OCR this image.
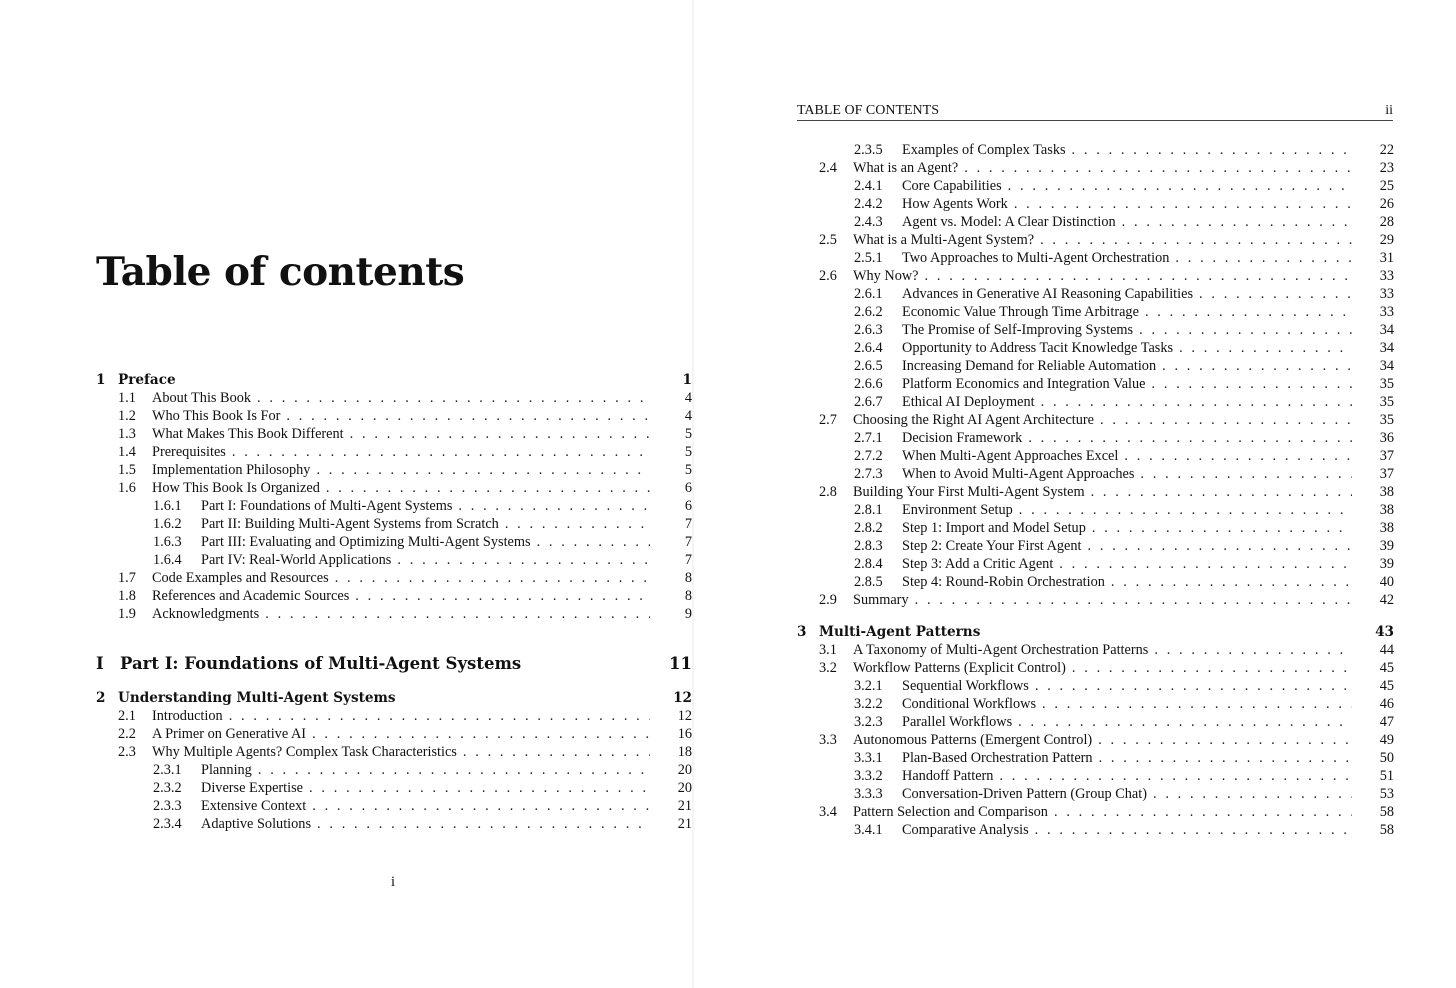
Table of contents
1 Preface	1
1.1	About This Book . . .	4
1.2	Who This Book Is For . . .	4
1.3	What Makes This Book Different . . .	5
1.4	Prerequisites . . .	5
1.5	Implementation Philosophy . . .	5
1.6	How This Book Is Organized . . .	6
1.6.1	Part I: Foundations of Multi-Agent Systems . . .	6
1.6.2	Part II: Building Multi-Agent Systems from Scratch . . .	7
1.6.3	Part III: Evaluating and Optimizing Multi-Agent Systems . . .	7
1.6.4	Part IV: Real-World Applications . . .	7
1.7	Code Examples and Resources . . .	8
1.8	References and Academic Sources . . .	8
1.9	Acknowledgments . . .	9
I Part I: Foundations of Multi-Agent Systems	11
2 Understanding Multi-Agent Systems	12
2.1	Introduction . . .	12
2.2	A Primer on Generative AI . . .	16
2.3	Why Multiple Agents? Complex Task Characteristics . . .	18
2.3.1	Planning . . .	20
2.3.2	Diverse Expertise . . .	20
2.3.3	Extensive Context . . .	21
2.3.4	Adaptive Solutions . . .	21
i
TABLE OF CONTENTS	ii
2.3.5	Examples of Complex Tasks . . .	22
2.4	What is an Agent? . . .	23
2.4.1	Core Capabilities . . .	25
2.4.2	How Agents Work . . .	26
2.4.3	Agent vs. Model: A Clear Distinction . . .	28
2.5	What is a Multi-Agent System? . . .	29
2.5.1	Two Approaches to Multi-Agent Orchestration . . .	31
2.6	Why Now? . . .	33
2.6.1	Advances in Generative AI Reasoning Capabilities . . .	33
2.6.2	Economic Value Through Time Arbitrage . . .	33
2.6.3	The Promise of Self-Improving Systems . . .	34
2.6.4	Opportunity to Address Tacit Knowledge Tasks . . .	34
2.6.5	Increasing Demand for Reliable Automation . . .	34
2.6.6	Platform Economics and Integration Value . . .	35
2.6.7	Ethical AI Deployment . . .	35
2.7	Choosing the Right AI Agent Architecture . . .	35
2.7.1	Decision Framework . . .	36
2.7.2	When Multi-Agent Approaches Excel . . .	37
2.7.3	When to Avoid Multi-Agent Approaches . . .	37
2.8	Building Your First Multi-Agent System . . .	38
2.8.1	Environment Setup . . .	38
2.8.2	Step 1: Import and Model Setup . . .	38
2.8.3	Step 2: Create Your First Agent . . .	39
2.8.4	Step 3: Add a Critic Agent . . .	39
2.8.5	Step 4: Round-Robin Orchestration . . .	40
2.9	Summary . . .	42
3 Multi-Agent Patterns	43
3.1	A Taxonomy of Multi-Agent Orchestration Patterns . . .	44
3.2	Workflow Patterns (Explicit Control) . . .	45
3.2.1	Sequential Workflows . . .	45
3.2.2	Conditional Workflows . . .	46
3.2.3	Parallel Workflows . . .	47
3.3	Autonomous Patterns (Emergent Control) . . .	49
3.3.1	Plan-Based Orchestration Pattern . . .	50
3.3.2	Handoff Pattern . . .	51
3.3.3	Conversation-Driven Pattern (Group Chat) . . .	53
3.4	Pattern Selection and Comparison . . .	58
3.4.1	Comparative Analysis . . .	58
